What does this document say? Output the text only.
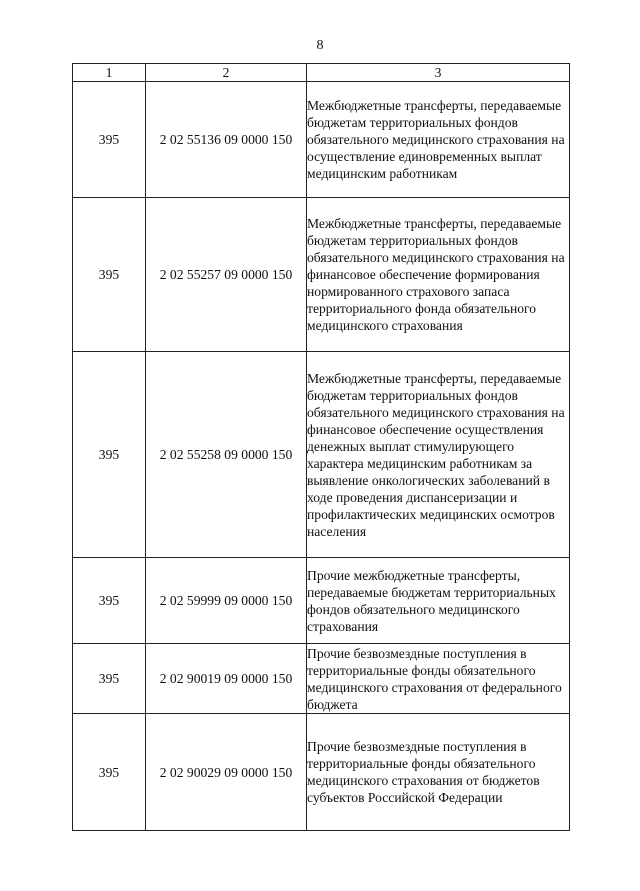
8
1	2	3
395	2 02 55136 09 0000 150	Межбюджетные трансферты, передаваемые бюджетам территориальных фондов обязательного медицинского страхования на осуществление единовременных выплат медицинским работникам
395	2 02 55257 09 0000 150	Межбюджетные трансферты, передаваемые бюджетам территориальных фондов обязательного медицинского страхования на финансовое обеспечение формирования нормированного страхового запаса территориального фонда обязательного медицинского страхования
395	2 02 55258 09 0000 150	Межбюджетные трансферты, передаваемые бюджетам территориальных фондов обязательного медицинского страхования на финансовое обеспечение осуществления денежных выплат стимулирующего характера медицинским работникам за выявление онкологических заболеваний в ходе проведения диспансеризации и профилактических медицинских осмотров населения
395	2 02 59999 09 0000 150	Прочие межбюджетные трансферты, передаваемые бюджетам территориальных фондов обязательного медицинского страхования
395	2 02 90019 09 0000 150	Прочие безвозмездные поступления в территориальные фонды обязательного медицинского страхования от федерального бюджета
395	2 02 90029 09 0000 150	Прочие безвозмездные поступления в территориальные фонды обязательного медицинского страхования от бюджетов субъектов Российской Федерации
